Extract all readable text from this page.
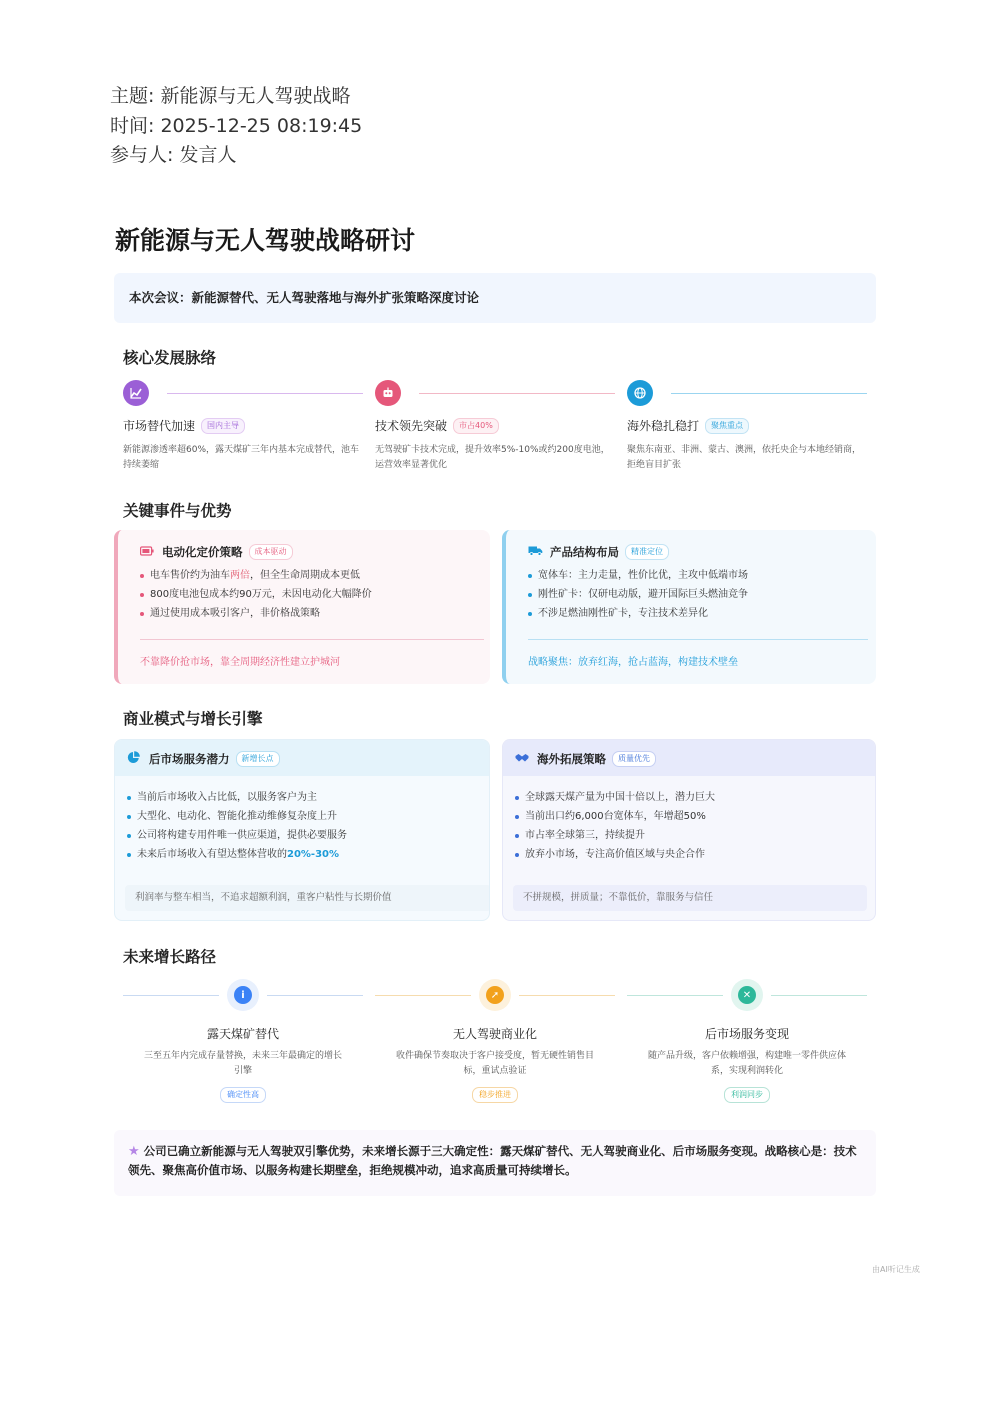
主题: 新能源与无人驾驶战略
时间: 2025-12-25 08:19:45
参与人: 发言人
新能源与无人驾驶战略研讨
本次会议：新能源替代、无人驾驶落地与海外扩张策略深度讨论
核心发展脉络
市场替代加速	国内主导
新能源渗透率超60%，露天煤矿三年内基本完成替代，池车持续萎缩
技术领先突破	市占40%
无驾驶矿卡技术完成，提升效率5%-10%或约200度电池，运营效率显著优化
海外稳扎稳打	聚焦重点
聚焦东南亚、非洲、蒙古、澳洲，依托央企与本地经销商，拒绝盲目扩张
关键事件与优势
电动化定价策略	成本驱动
电车售价约为油车两倍，但全生命周期成本更低
800度电池包成本约90万元，未因电动化大幅降价
通过使用成本吸引客户，非价格战策略
不靠降价抢市场，靠全周期经济性建立护城河
产品结构布局	精准定位
宽体车：主力走量，性价比优，主攻中低端市场
刚性矿卡：仅研电动版，避开国际巨头燃油竞争
不涉足燃油刚性矿卡，专注技术差异化
战略聚焦：放弃红海，抢占蓝海，构建技术壁垒
商业模式与增长引擎
后市场服务潜力	新增长点
当前后市场收入占比低，以服务客户为主
大型化、电动化、智能化推动维修复杂度上升
公司将构建专用件唯一供应渠道，提供必要服务
未来后市场收入有望达整体营收的20%-30%
利润率与整车相当，不追求超额利润，重客户粘性与长期价值
海外拓展策略	质量优先
全球露天煤产量为中国十倍以上，潜力巨大
当前出口约6,000台宽体车，年增超50%
市占率全球第三，持续提升
放弃小市场，专注高价值区域与央企合作
不拼规模，拼质量；不靠低价，靠服务与信任
未来增长路径
i
露天煤矿替代
三至五年内完成存量替换，未来三年最确定的增长引擎
确定性高
➚
无人驾驶商业化
收件确保节奏取决于客户接受度，暂无硬性销售目标，重试点验证
稳步推进
✕
后市场服务变现
随产品升级，客户依赖增强，构建唯一零件供应体系，实现利润转化
利润同步
★ 公司已确立新能源与无人驾驶双引擎优势，未来增长源于三大确定性：露天煤矿替代、无人驾驶商业化、后市场服务变现。战略核心是：技术领先、聚焦高价值市场、以服务构建长期壁垒，拒绝规模冲动，追求高质量可持续增长。
由AI听记生成
